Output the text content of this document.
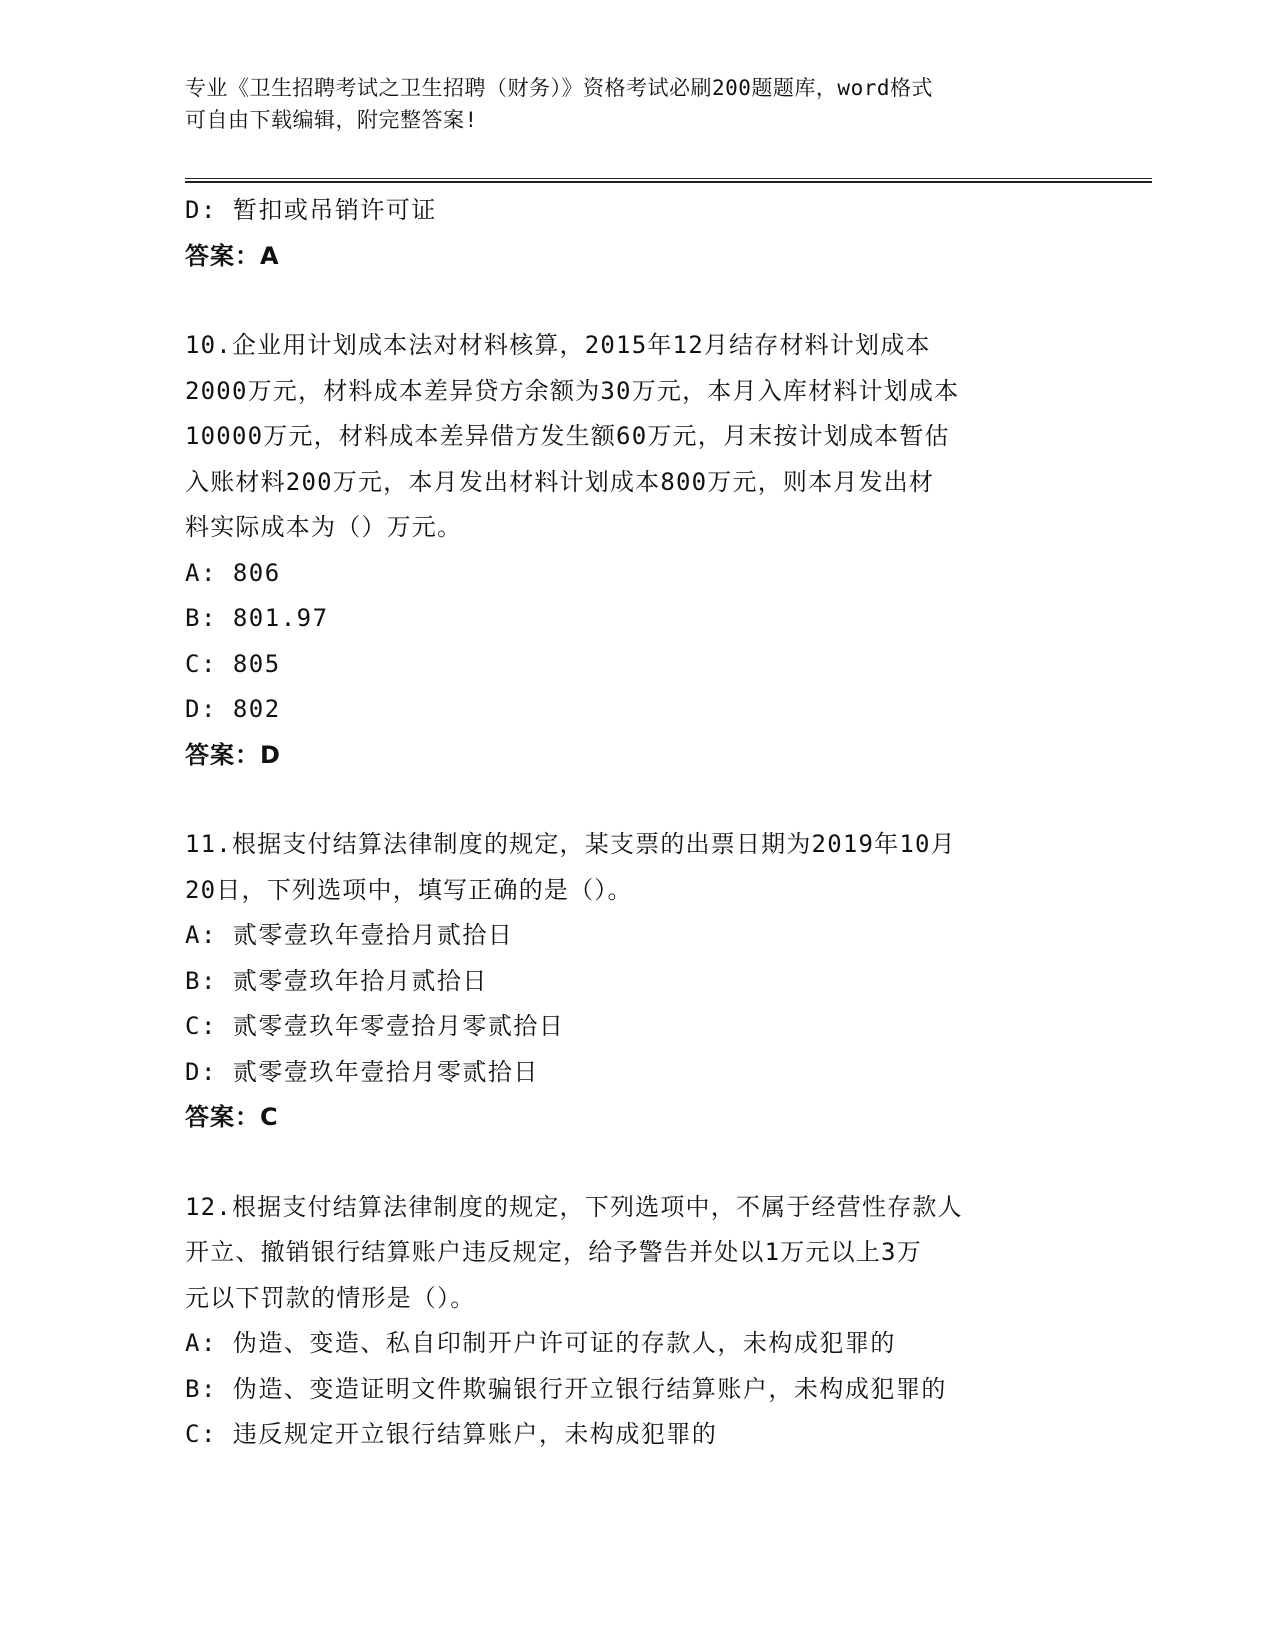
专业《卫生招聘考试之卫生招聘（财务）》资格考试必刷200题题库，word格式
可自由下载编辑，附完整答案!
D: 暂扣或吊销许可证
答案：A
10.企业用计划成本法对材料核算，2015年12月结存材料计划成本
2000万元，材料成本差异贷方余额为30万元，本月入库材料计划成本
10000万元，材料成本差异借方发生额60万元，月末按计划成本暂估
入账材料200万元，本月发出材料计划成本800万元，则本月发出材
料实际成本为（）万元。
A: 806
B: 801.97
C: 805
D: 802
答案：D
11.根据支付结算法律制度的规定，某支票的出票日期为2019年10月
20日，下列选项中，填写正确的是（）。
A: 贰零壹玖年壹拾月贰拾日
B: 贰零壹玖年拾月贰拾日
C: 贰零壹玖年零壹拾月零贰拾日
D: 贰零壹玖年壹拾月零贰拾日
答案：C
12.根据支付结算法律制度的规定，下列选项中，不属于经营性存款人
开立、撤销银行结算账户违反规定，给予警告并处以1万元以上3万
元以下罚款的情形是（）。
A: 伪造、变造、私自印制开户许可证的存款人，未构成犯罪的
B: 伪造、变造证明文件欺骗银行开立银行结算账户，未构成犯罪的
C: 违反规定开立银行结算账户，未构成犯罪的
